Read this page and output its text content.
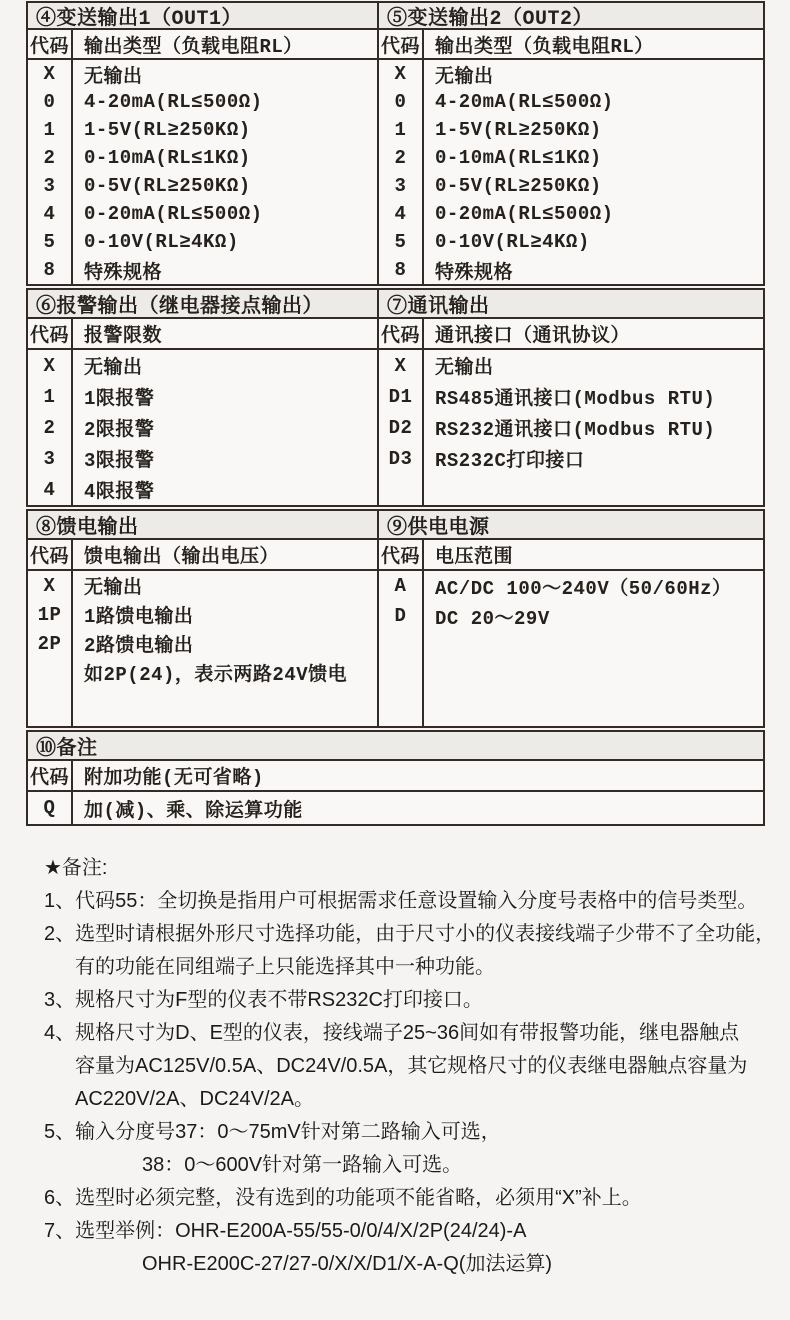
④变送输出1（OUT1）
代码 输出类型（负载电阻RL）
X	无输出
0	4-20mA(RL≤500Ω)
1	1-5V(RL≥250KΩ)
2	0-10mA(RL≤1KΩ)
3	0-5V(RL≥250KΩ)
4	0-20mA(RL≤500Ω)
5	0-10V(RL≥4KΩ)
8	特殊规格
⑤变送输出2（OUT2）
代码 输出类型（负载电阻RL）
X	无输出
0	4-20mA(RL≤500Ω)
1	1-5V(RL≥250KΩ)
2	0-10mA(RL≤1KΩ)
3	0-5V(RL≥250KΩ)
4	0-20mA(RL≤500Ω)
5	0-10V(RL≥4KΩ)
8	特殊规格
⑥报警输出（继电器接点输出）
代码 报警限数
X	无输出
1	1限报警
2	2限报警
3	3限报警
4	4限报警
⑦通讯输出
代码 通讯接口（通讯协议）
X	无输出
D1	RS485通讯接口(Modbus RTU)
D2	RS232通讯接口(Modbus RTU)
D3	RS232C打印接口
⑧馈电输出
代码 馈电输出（输出电压）
X	无输出
1P	1路馈电输出
2P	2路馈电输出
如2P(24)，表示两路24V馈电
⑨供电电源
代码 电压范围
A	AC/DC 100～240V（50/60Hz）
D	DC 20～29V
⑩备注
代码 附加功能(无可省略)
Q	加(减)、乘、除运算功能
★备注:
1、代码55：全切换是指用户可根据需求任意设置输入分度号表格中的信号类型。
2、选型时请根据外形尺寸选择功能，由于尺寸小的仪表接线端子少带不了全功能，
有的功能在同组端子上只能选择其中一种功能。
3、规格尺寸为F型的仪表不带RS232C打印接口。
4、规格尺寸为D、E型的仪表，接线端子25~36间如有带报警功能，继电器触点
容量为AC125V/0.5A、DC24V/0.5A，其它规格尺寸的仪表继电器触点容量为
AC220V/2A、DC24V/2A。
5、输入分度号37：0～75mV针对第二路输入可选，
38：0～600V针对第一路输入可选。
6、选型时必须完整，没有选到的功能项不能省略，必须用“X”补上。
7、选型举例：OHR-E200A-55/55-0/0/4/X/2P(24/24)-A
OHR-E200C-27/27-0/X/X/D1/X-A-Q(加法运算)
